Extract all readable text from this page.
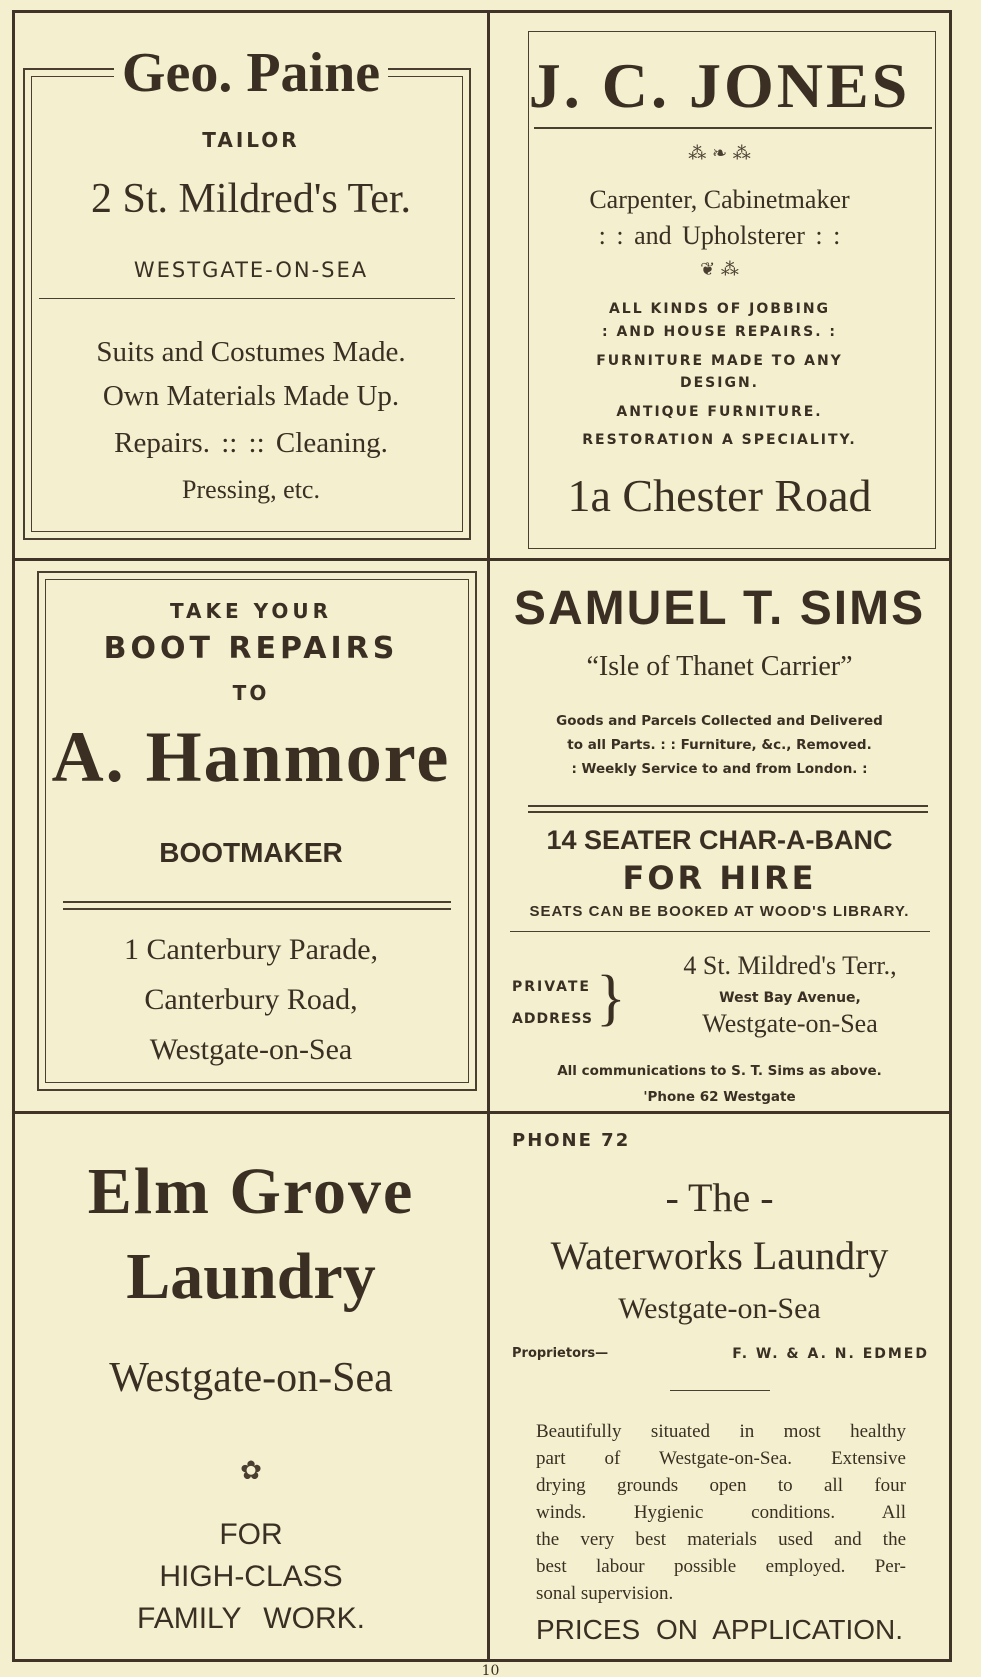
Geo. Paine
TAILOR
2 St. Mildred's Ter.
WESTGATE-ON-SEA
Suits and Costumes Made.
Own Materials Made Up.
Repairs. :: :: Cleaning.
Pressing, etc.
J. C. JONES
⁂ ❧ ⁂
Carpenter, Cabinetmaker
: : and Upholsterer : :
❦ ⁂
ALL KINDS OF JOBBING
: AND HOUSE REPAIRS. :
FURNITURE MADE TO ANY
DESIGN.
ANTIQUE FURNITURE.
RESTORATION A SPECIALITY.
1a Chester Road
TAKE YOUR
BOOT REPAIRS
TO
A. Hanmore
BOOTMAKER
1 Canterbury Parade,
Canterbury Road,
Westgate-on-Sea
SAMUEL T. SIMS
“Isle of Thanet Carrier”
Goods and Parcels Collected and Delivered
to all Parts. : : Furniture, &c., Removed.
: Weekly Service to and from London. :
14 SEATER CHAR-A-BANC
FOR HIRE
SEATS CAN BE BOOKED AT WOOD'S LIBRARY.
PRIVATE
ADDRESS }	4 St. Mildred's Terr.,
West Bay Avenue,
Westgate-on-Sea
All communications to S. T. Sims as above.
'Phone 62 Westgate
Elm Grove
Laundry
Westgate-on-Sea
✿
FOR
HIGH-CLASS
FAMILY WORK.
PHONE 72
- The -
Waterworks Laundry
Westgate-on-Sea
Proprietors—	F. W. & A. N. EDMED
Beautifully situated in most healthy
part of Westgate-on-Sea. Extensive
drying grounds open to all four
winds. Hygienic conditions. All
the very best materials used and the
best labour possible employed. Per-
sonal supervision.
PRICES ON APPLICATION.
10
